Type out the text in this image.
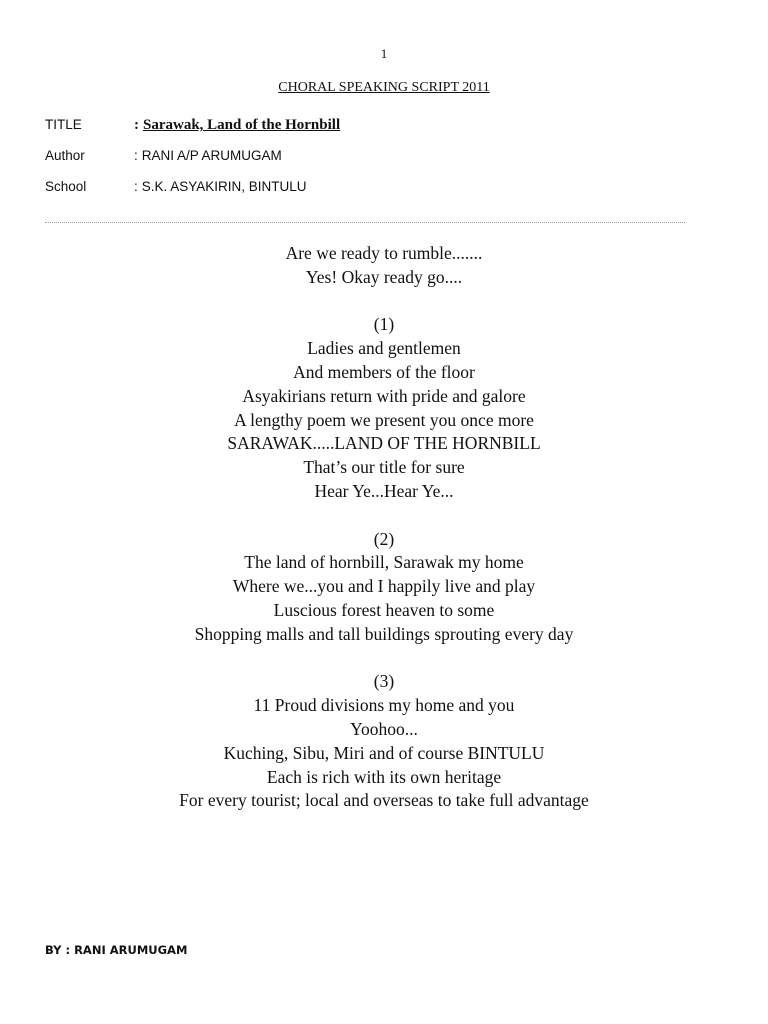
1
CHORAL SPEAKING SCRIPT 2011
TITLE	: Sarawak, Land of the Hornbill
Author	: RANI A/P ARUMUGAM
School	: S.K. ASYAKIRIN, BINTULU
Are we ready to rumble.......
Yes! Okay ready go....
(1)
Ladies and gentlemen
And members of the floor
Asyakirians return with pride and galore
A lengthy poem we present you once more
SARAWAK.....LAND OF THE HORNBILL
That’s our title for sure
Hear Ye...Hear Ye...
(2)
The land of hornbill, Sarawak my home
Where we...you and I happily live and play
Luscious forest heaven to some
Shopping malls and tall buildings sprouting every day
(3)
11 Proud divisions my home and you
Yoohoo...
Kuching, Sibu, Miri and of course BINTULU
Each is rich with its own heritage
For every tourist; local and overseas to take full advantage
BY : RANI ARUMUGAM
